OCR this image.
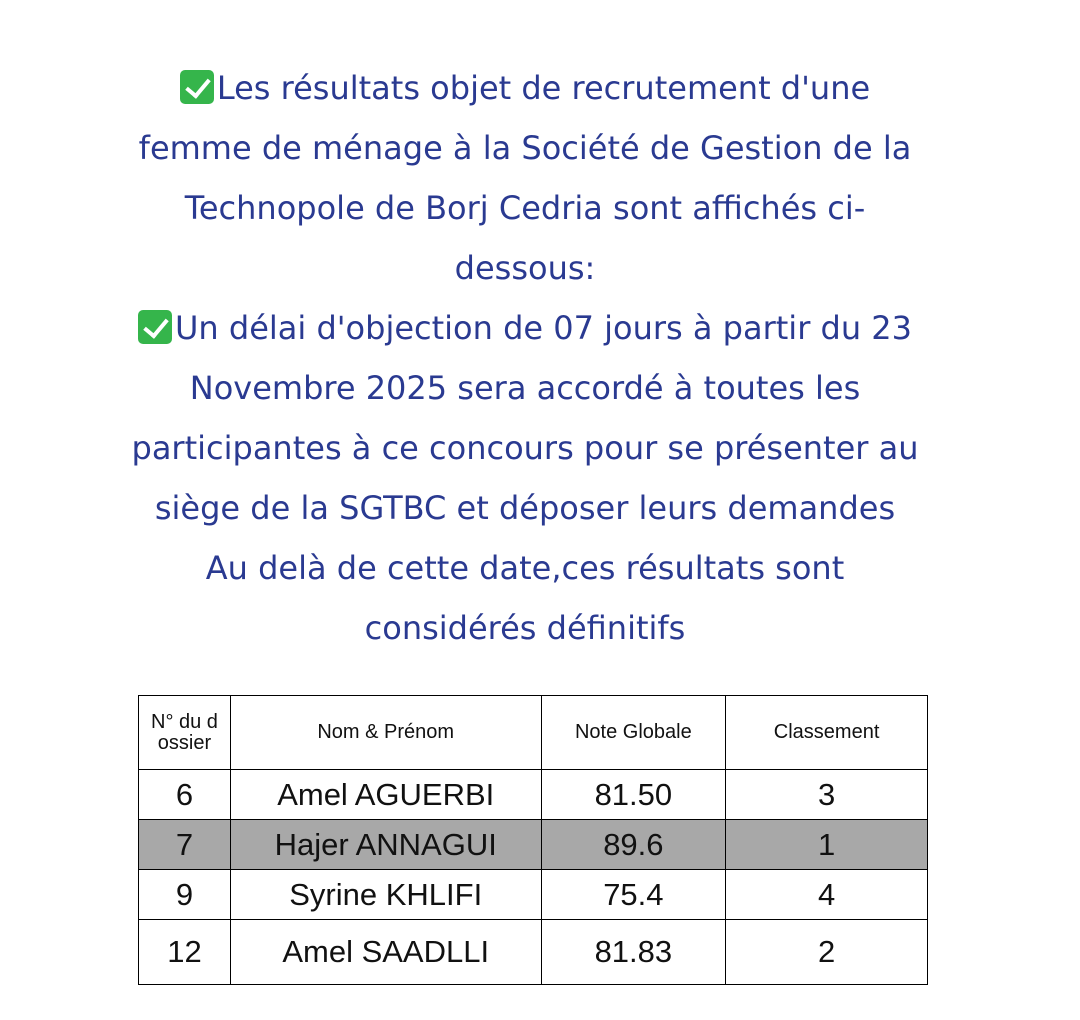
Les résultats objet de recrutement d'une

femme de ménage à la Société de Gestion de la

Technopole de Borj Cedria sont affichés ci-

dessous:

Un délai d'objection de 07 jours à partir du 23

Novembre 2025 sera accordé à toutes les

participantes à ce concours pour se présenter au

siège de la SGTBC et déposer leurs demandes

Au delà de cette date,ces résultats sont

considérés définitifs

N° du dossier	Nom & Prénom	Note Globale	Classement
6	Amel AGUERBI	81.50	3
7	Hajer ANNAGUI	89.6	1
9	Syrine KHLIFI	75.4	4
12	Amel SAADLLI	81.83	2
